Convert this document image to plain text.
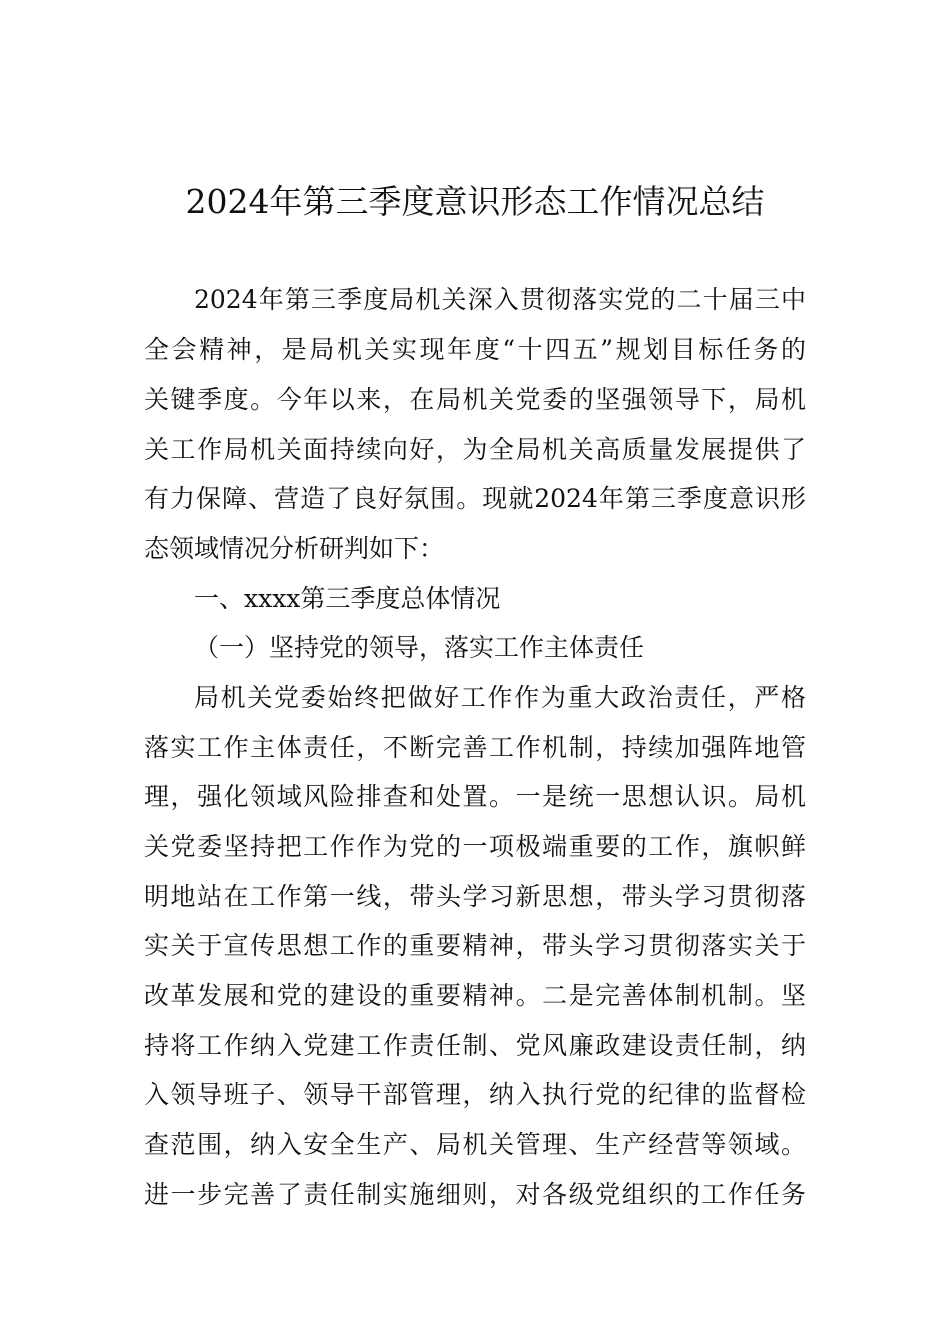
2024年第三季度意识形态工作情况总结
2024年第三季度局机关深入贯彻落实党的二十届三中
全会精神，是局机关实现年度“十四五”规划目标任务的
关键季度。今年以来，在局机关党委的坚强领导下，局机
关工作局机关面持续向好，为全局机关高质量发展提供了
有力保障、营造了良好氛围。现就2024年第三季度意识形
态领域情况分析研判如下：
一、xxxx第三季度总体情况
（一）坚持党的领导，落实工作主体责任
局机关党委始终把做好工作作为重大政治责任，严格
落实工作主体责任，不断完善工作机制，持续加强阵地管
理，强化领域风险排查和处置。一是统一思想认识。局机
关党委坚持把工作作为党的一项极端重要的工作，旗帜鲜
明地站在工作第一线，带头学习新思想，带头学习贯彻落
实关于宣传思想工作的重要精神，带头学习贯彻落实关于
改革发展和党的建设的重要精神。二是完善体制机制。坚
持将工作纳入党建工作责任制、党风廉政建设责任制，纳
入领导班子、领导干部管理，纳入执行党的纪律的监督检
查范围，纳入安全生产、局机关管理、生产经营等领域。
进一步完善了责任制实施细则，对各级党组织的工作任务
